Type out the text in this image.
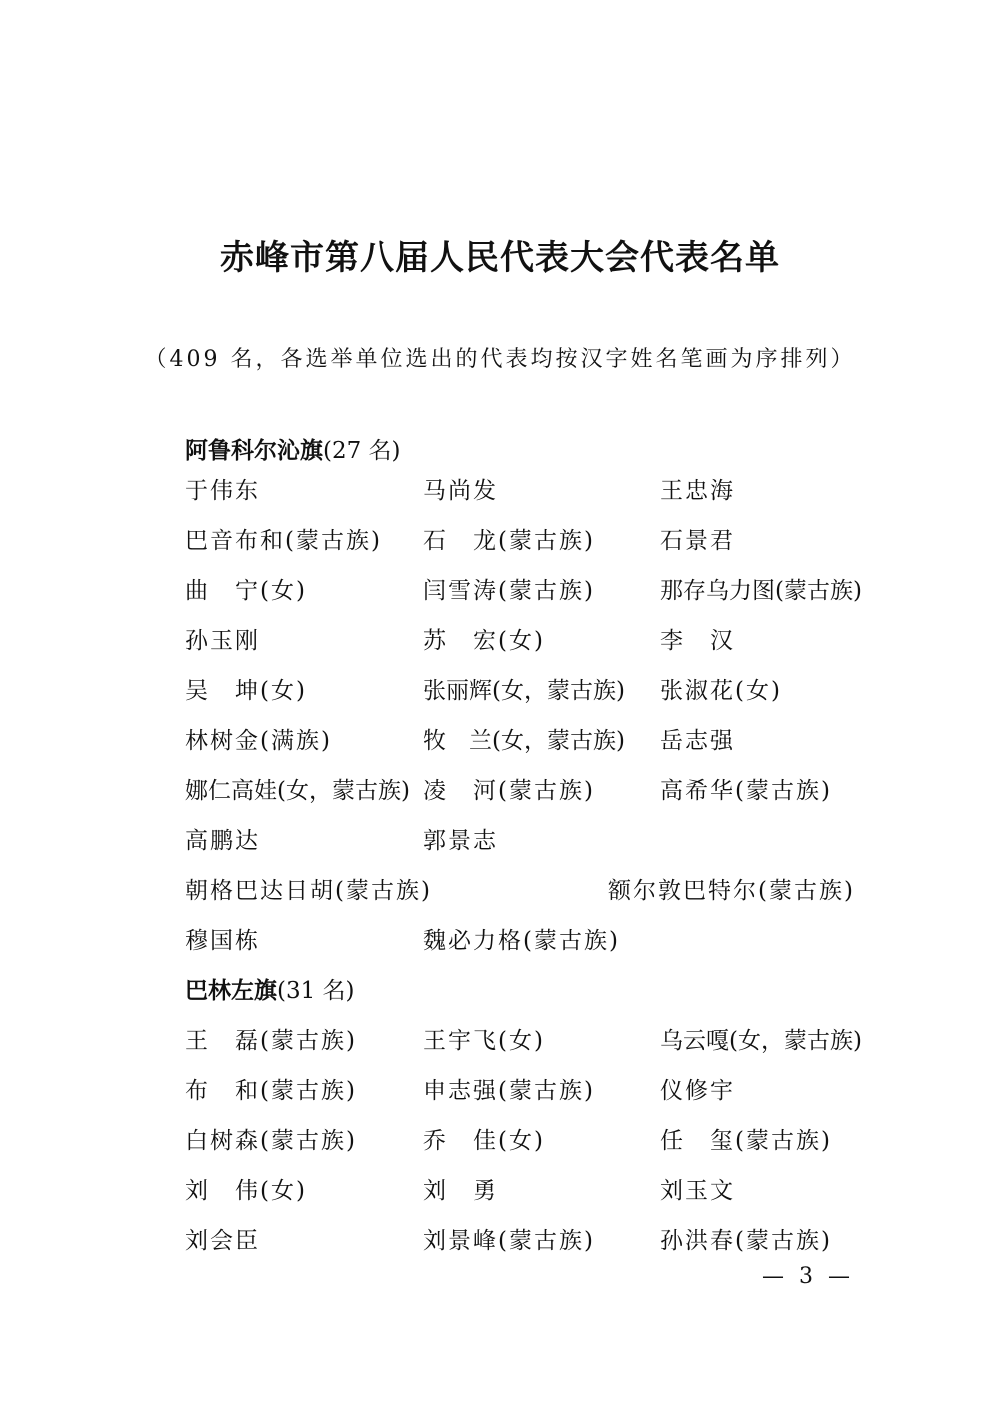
赤峰市第八届人民代表大会代表名单
（409 名，各选举单位选出的代表均按汉字姓名笔画为序排列）
阿鲁科尔沁旗(27 名)
于伟东	马尚发	王忠海
巴音布和(蒙古族) 石　龙(蒙古族)	石景君
曲　宁(女)	闫雪涛(蒙古族)	那存乌力图(蒙古族)
孙玉刚	苏　宏(女)	李　汉
吴　坤(女)	张丽辉(女，蒙古族) 张淑花(女)
林树金(满族)	牧　兰(女，蒙古族) 岳志强
娜仁高娃(女，蒙古族) 凌　河(蒙古族)	高希华(蒙古族)
高鹏达	郭景志
朝格巴达日胡(蒙古族)	额尔敦巴特尔(蒙古族)
穆国栋	魏必力格(蒙古族)
巴林左旗(31 名)
王　磊(蒙古族)	王宇飞(女)	乌云嘎(女，蒙古族)
布　和(蒙古族)	申志强(蒙古族)	仪修宇
白树森(蒙古族)	乔　佳(女)	任　玺(蒙古族)
刘　伟(女)	刘　勇	刘玉文
刘会臣	刘景峰(蒙古族)	孙洪春(蒙古族)
— 3 —
